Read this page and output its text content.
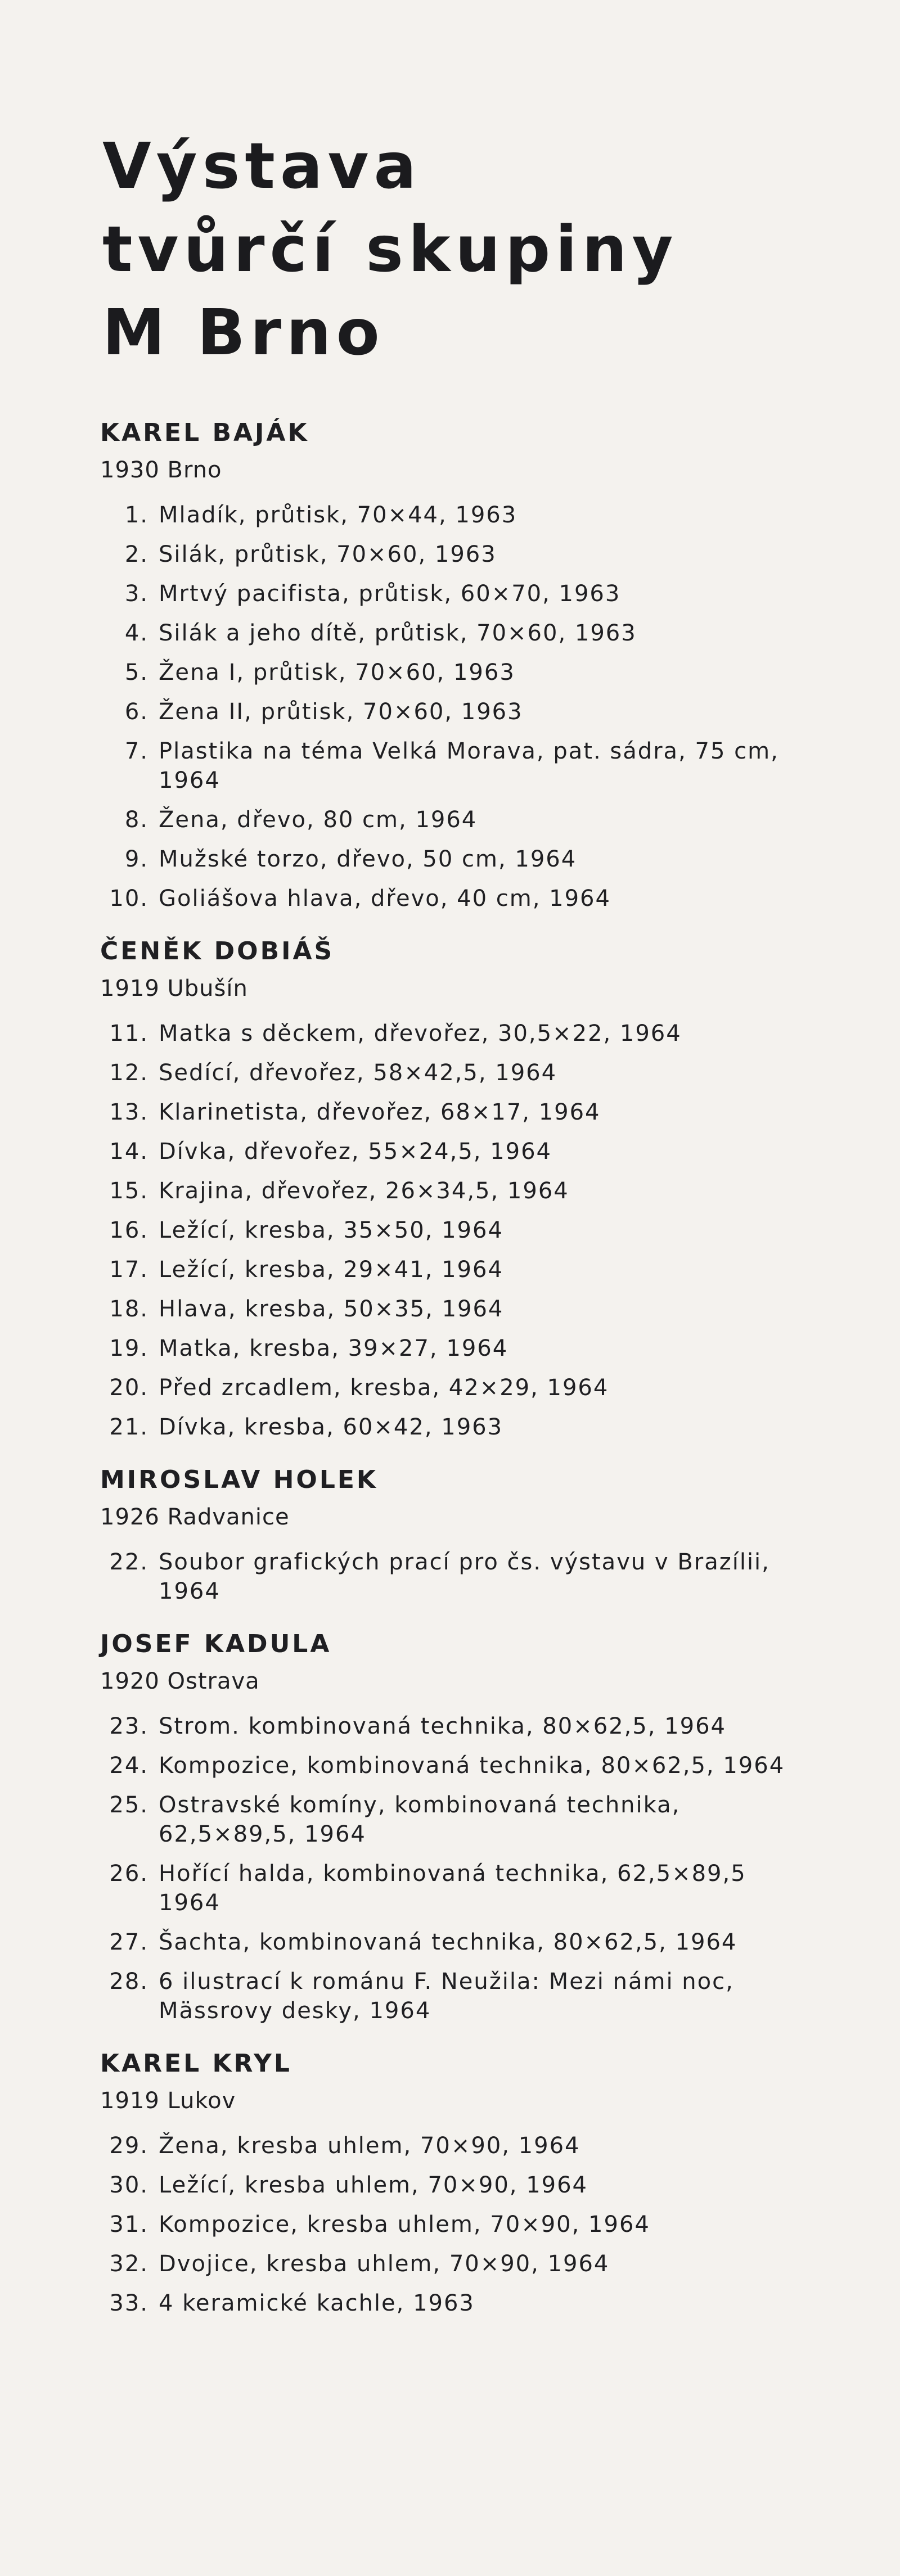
Výstava
tvůrčí skupiny
M Brno
KAREL BAJÁK
1930 Brno
1. Mladík, průtisk, 70×44, 1963
2. Silák, průtisk, 70×60, 1963
3. Mrtvý pacifista, průtisk, 60×70, 1963
4. Silák a jeho dítě, průtisk, 70×60, 1963
5. Žena I, průtisk, 70×60, 1963
6. Žena II, průtisk, 70×60, 1963
7. Plastika na téma Velká Morava, pat. sádra, 75 cm, 1964
8. Žena, dřevo, 80 cm, 1964
9. Mužské torzo, dřevo, 50 cm, 1964
10. Goliášova hlava, dřevo, 40 cm, 1964
ČENĚK DOBIÁŠ
1919 Ubušín
11. Matka s děckem, dřevořez, 30,5×22, 1964
12. Sedící, dřevořez, 58×42,5, 1964
13. Klarinetista, dřevořez, 68×17, 1964
14. Dívka, dřevořez, 55×24,5, 1964
15. Krajina, dřevořez, 26×34,5, 1964
16. Ležící, kresba, 35×50, 1964
17. Ležící, kresba, 29×41, 1964
18. Hlava, kresba, 50×35, 1964
19. Matka, kresba, 39×27, 1964
20. Před zrcadlem, kresba, 42×29, 1964
21. Dívka, kresba, 60×42, 1963
MIROSLAV HOLEK
1926 Radvanice
22. Soubor grafických prací pro čs. výstavu v Brazílii, 1964
JOSEF KADULA
1920 Ostrava
23. Strom. kombinovaná technika, 80×62,5, 1964
24. Kompozice, kombinovaná technika, 80×62,5, 1964
25. Ostravské komíny, kombinovaná technika, 62,5×89,5, 1964
26. Hořící halda, kombinovaná technika, 62,5×89,5 1964
27. Šachta, kombinovaná technika, 80×62,5, 1964
28. 6 ilustrací k románu F. Neužila: Mezi námi noc, Mässrovy desky, 1964
KAREL KRYL
1919 Lukov
29. Žena, kresba uhlem, 70×90, 1964
30. Ležící, kresba uhlem, 70×90, 1964
31. Kompozice, kresba uhlem, 70×90, 1964
32. Dvojice, kresba uhlem, 70×90, 1964
33. 4 keramické kachle, 1963
